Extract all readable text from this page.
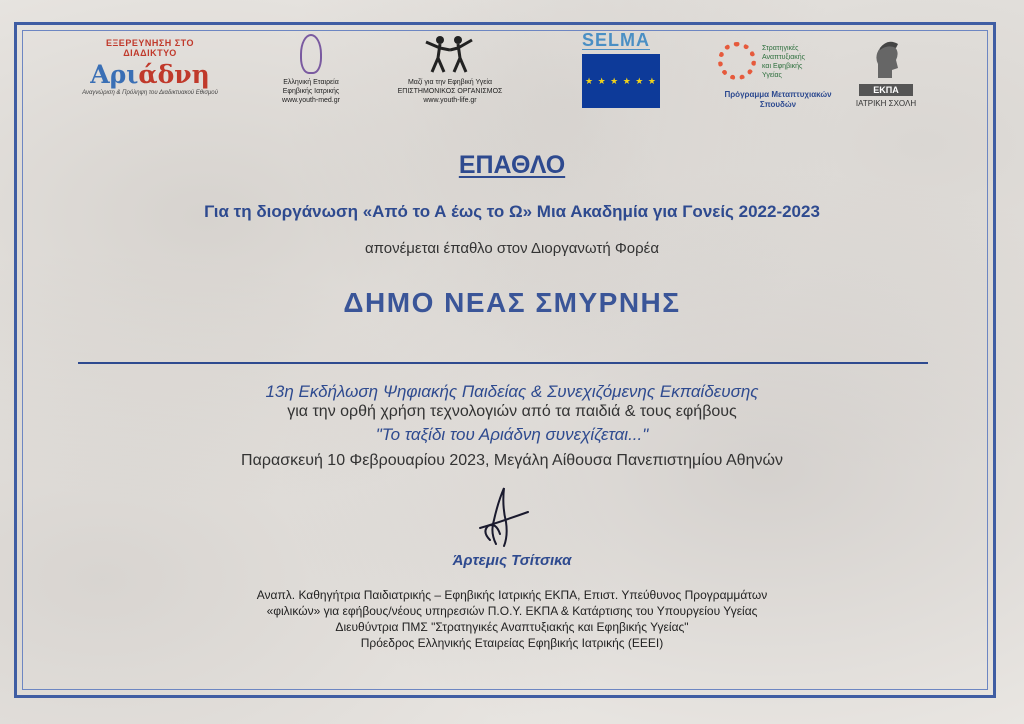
ΕΞΕΡΕΥΝΗΣΗ ΣΤΟ ΔΙΑΔΙΚΤΥΟ
Αριάδνη
Αναγνώριση & Πρόληψη του Διαδικτυακού Εθισμού
Ελληνική Εταιρεία
Εφηβικής Ιατρικής
www.youth-med.gr
Μαζί για την Εφηβική Υγεία
ΕΠΙΣΤΗΜΟΝΙΚΟΣ ΟΡΓΑΝΙΣΜΟΣ
www.youth-life.gr
SELMA
★ ★ ★ ★ ★ ★
Στρατηγικές
Αναπτυξιακής
και Εφηβικής
Υγείας
Πρόγραμμα Μεταπτυχιακών Σπουδών
ΕΚΠΑ
ΙΑΤΡΙΚΗ ΣΧΟΛΗ
ΕΠΑΘΛΟ
Για τη διοργάνωση «Από το Α έως το Ω» Μια Ακαδημία για Γονείς 2022-2023
απονέμεται έπαθλο στον Διοργανωτή Φορέα
ΔΗΜΟ ΝΕΑΣ ΣΜΥΡΝΗΣ
13η Εκδήλωση Ψηφιακής Παιδείας & Συνεχιζόμενης Εκπαίδευσης
για την ορθή χρήση τεχνολογιών από τα παιδιά & τους εφήβους
"Το ταξίδι του Αριάδνη συνεχίζεται..."
Παρασκευή 10 Φεβρουαρίου 2023, Μεγάλη Αίθουσα Πανεπιστημίου Αθηνών
Άρτεμις Τσίτσικα
Αναπλ. Καθηγήτρια Παιδιατρικής – Εφηβικής Ιατρικής ΕΚΠΑ, Επιστ. Υπεύθυνος Προγραμμάτων
«φιλικών» για εφήβους/νέους υπηρεσιών Π.Ο.Υ. ΕΚΠΑ & Κατάρτισης του Υπουργείου Υγείας
Διευθύντρια ΠΜΣ "Στρατηγικές Αναπτυξιακής και Εφηβικής Υγείας"
Πρόεδρος Ελληνικής Εταιρείας Εφηβικής Ιατρικής (ΕΕΕΙ)
